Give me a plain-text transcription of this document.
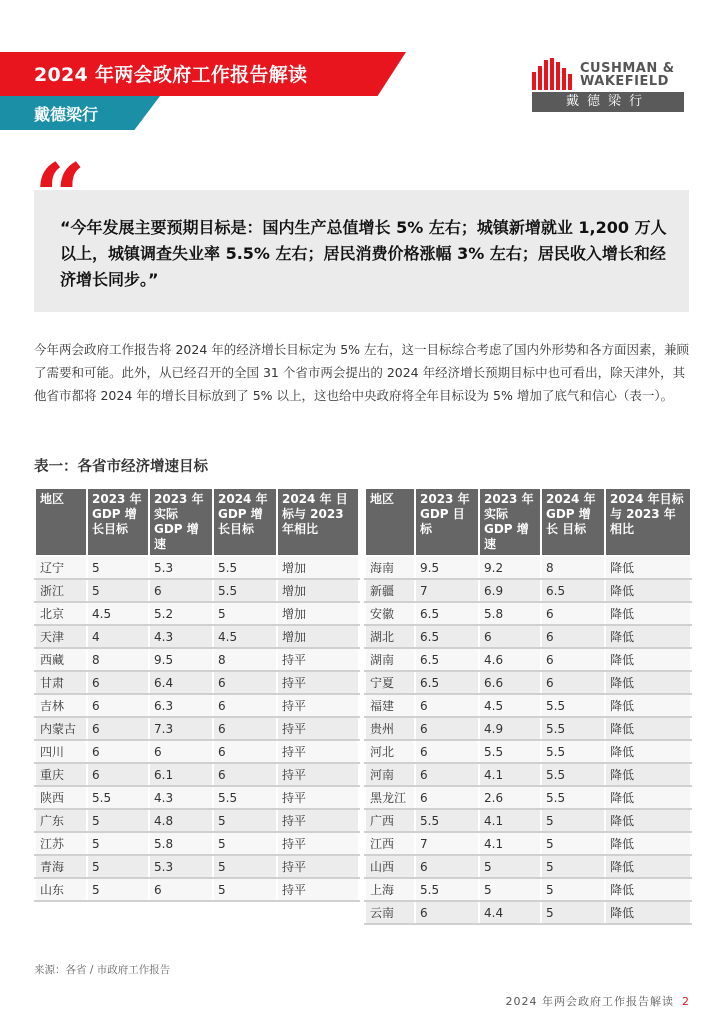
2024 年两会政府工作报告解读
戴德梁行
CUSHMAN &
WAKEFIELD
戴德梁行
“
“今年发展主要预期目标是：国内生产总值增长 5% 左右；城镇新增就业 1,200 万人以上，城镇调查失业率 5.5% 左右；居民消费价格涨幅 3% 左右；居民收入增长和经济增长同步。”
今年两会政府工作报告将 2024 年的经济增长目标定为 5% 左右，这一目标综合考虑了国内外形势和各方面因素，兼顾了需要和可能。此外，从已经召开的全国 31 个省市两会提出的 2024 年经济增长预期目标中也可看出，除天津外，其他省市都将 2024 年的增长目标放到了 5% 以上，这也给中央政府将全年目标设为 5% 增加了底气和信心（表一）。
表一：各省市经济增速目标
地区	2023 年 GDP 增长目标	2023 年 实际 GDP 增速	2024 年 GDP 增长目标	2024 年 目标与 2023 年相比
辽宁	5	5.3	5.5	增加
浙江	5	6	5.5	增加
北京	4.5	5.2	5	增加
天津	4	4.3	4.5	增加
西藏	8	9.5	8	持平
甘肃	6	6.4	6	持平
吉林	6	6.3	6	持平
内蒙古	6	7.3	6	持平
四川	6	6	6	持平
重庆	6	6.1	6	持平
陕西	5.5	4.3	5.5	持平
广东	5	4.8	5	持平
江苏	5	5.8	5	持平
青海	5	5.3	5	持平
山东	5	6	5	持平
地区	2023 年 GDP 目标	2023 年 实际 GDP 增速	2024 年 GDP 增长 目标	2024 年目标 与 2023 年 相比
海南	9.5	9.2	8	降低
新疆	7	6.9	6.5	降低
安徽	6.5	5.8	6	降低
湖北	6.5	6	6	降低
湖南	6.5	4.6	6	降低
宁夏	6.5	6.6	6	降低
福建	6	4.5	5.5	降低
贵州	6	4.9	5.5	降低
河北	6	5.5	5.5	降低
河南	6	4.1	5.5	降低
黑龙江	6	2.6	5.5	降低
广西	5.5	4.1	5	降低
江西	7	4.1	5	降低
山西	6	5	5	降低
上海	5.5	5	5	降低
云南	6	4.4	5	降低
来源：各省 / 市政府工作报告
2024 年两会政府工作报告解读 2
